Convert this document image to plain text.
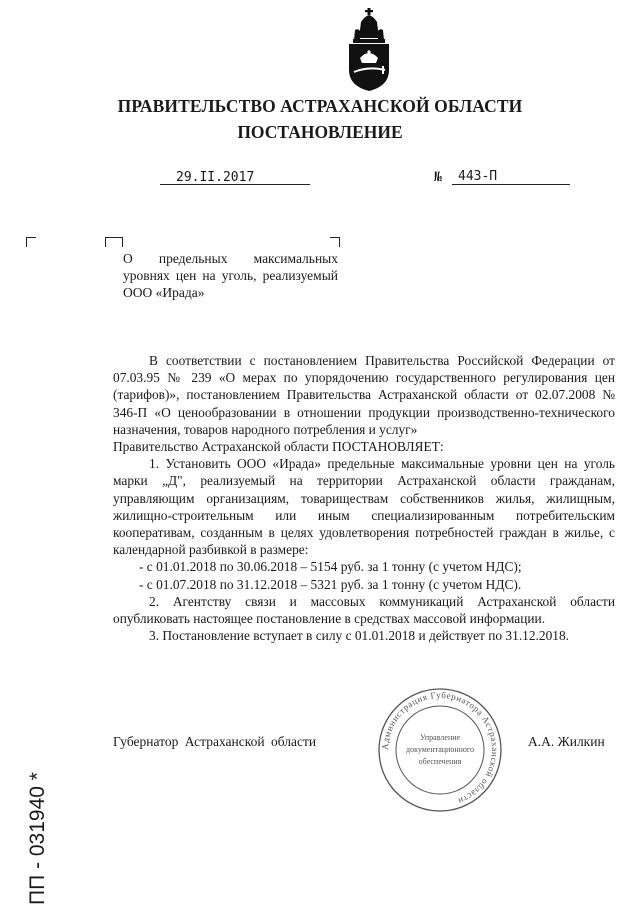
ПРАВИТЕЛЬСТВО АСТРАХАНСКОЙ ОБЛАСТИ
ПОСТАНОВЛЕНИЕ
29.II.2017	№ 443-П
О предельных максимальных уровнях цен на уголь, реализуемый ООО «Ирада»

В соответствии с постановлением Правительства Российской Федерации от 07.03.95 № 239 «О мерах по упорядочению государственного регулирования цен (тарифов)», постановлением Правительства Астраханской области от 02.07.2008 № 346-П «О ценообразовании в отношении продукции производственно-технического назначения, товаров народного потребления и услуг»

Правительство Астраханской области ПОСТАНОВЛЯЕТ:

1. Установить ООО «Ирада» предельные максимальные уровни цен на уголь марки „Д", реализуемый на территории Астраханской области гражданам, управляющим организациям, товариществам собственников жилья, жилищным, жилищно-строительным или иным специализированным потребительским кооперативам, созданным в целях удовлетворения потребностей граждан в жилье, с календарной разбивкой в размере:

- с 01.01.2018 по 30.06.2018 – 5154 руб. за 1 тонну (с учетом НДС);

- с 01.07.2018 по 31.12.2018 – 5321 руб. за 1 тонну (с учетом НДС).

2. Агентству связи и массовых коммуникаций Астраханской области опубликовать настоящее постановление в средствах массовой информации.

3. Постановление вступает в силу с 01.01.2018 и действует по 31.12.2018.

Губернатор Астраханской области	А.А. Жилкин
Администрация Губернатора Астраханской области
Управление
документационного
обеспечения
ПП - 031940 *
